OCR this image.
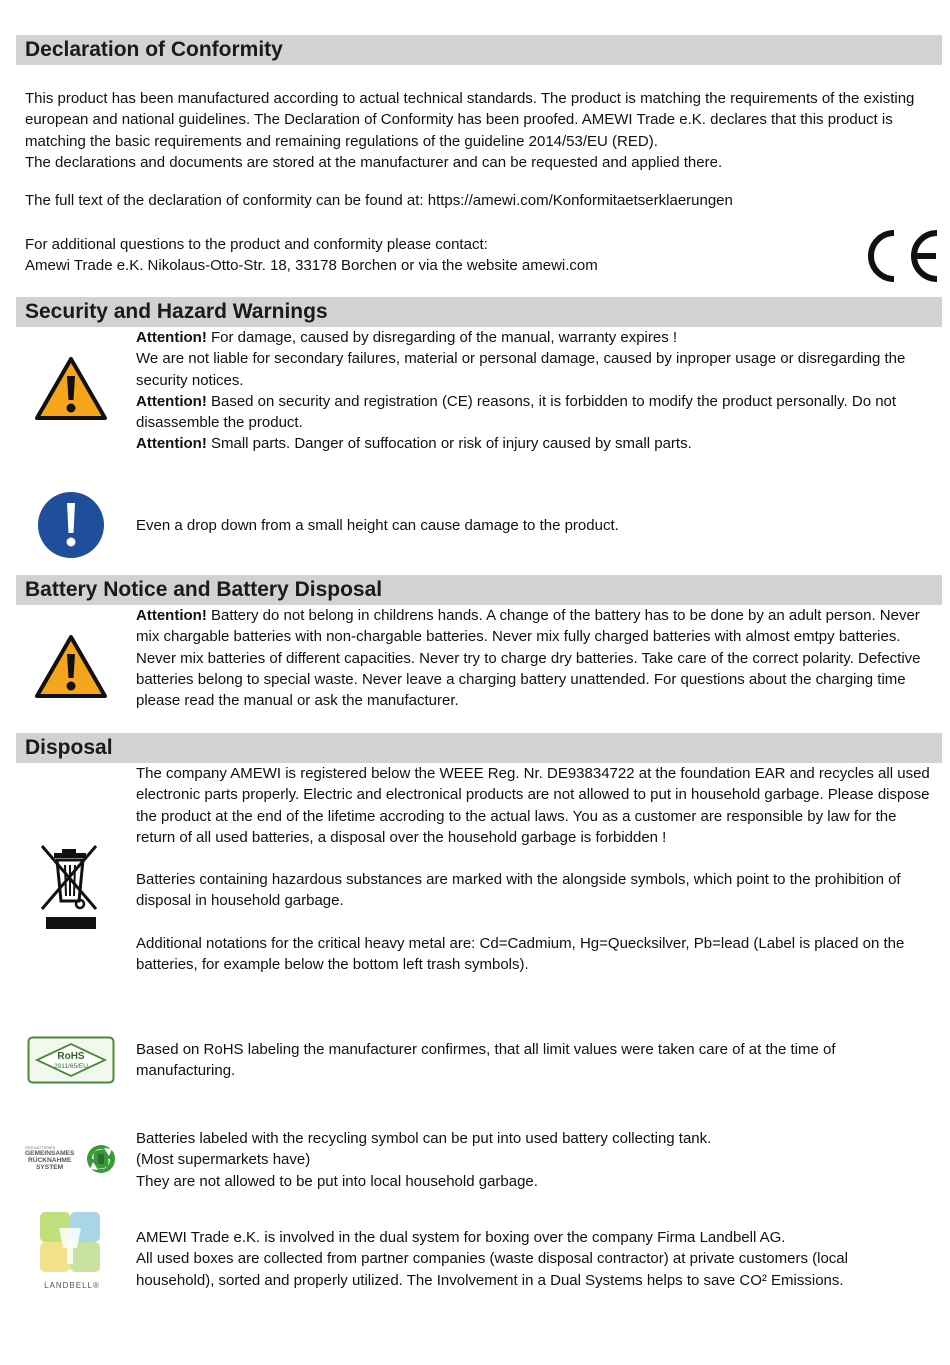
Declaration of Conformity

This product has been manufactured according to actual technical standards. The product is matching the requirements of the existing european and national guidelines. The Declaration of Conformity has been proofed. AMEWI Trade e.K. declares that this product is matching the basic requirements and remaining regulations of the guideline 2014/53/EU (RED).

The declarations and documents are stored at the manufacturer and can be requested and applied there.

The full text of the declaration of conformity can be found at: https://amewi.com/Konformitaetserklaerungen

For additional questions to the product and conformity please contact:

Amewi Trade e.K. Nikolaus-Otto-Str. 18, 33178 Borchen or via the website amewi.com

Security and Hazard Warnings

Attention! For damage, caused by disregarding of the manual, warranty expires !

We are not liable for secondary failures, material or personal damage, caused by inproper usage or disregarding the security notices.

Attention! Based on security and registration (CE) reasons, it is forbidden to modify the product personally. Do not disassemble the product.

Attention! Small parts. Danger of suffocation or risk of injury caused by small parts.

Even a drop down from a small height can cause damage to the product.
Battery Notice and Battery Disposal

Attention! Battery do not belong in childrens hands. A change of the battery has to be done by an adult person. Never mix chargable batteries with non-chargable batteries. Never mix fully charged batteries with almost emtpy batteries. Never mix batteries of different capacities. Never try to charge dry batteries. Take care of the correct polarity. Defective batteries belong to special waste. Never leave a charging battery unattended. For questions about the charging time please read the manual or ask the manufacturer.

Disposal

The company AMEWI is registered below the WEEE Reg. Nr. DE93834722 at the foundation EAR and recycles all used electronic parts properly. Electric and electronical products are not allowed to put in household garbage. Please dispose the product at the end of the lifetime accroding to the actual laws. You as a customer are responsible by law for the return of all used batteries, a disposal over the household garbage is forbidden !

Batteries containing hazardous substances are marked with the alongside symbols, which point to the prohibition of disposal in household garbage.

Additional notations for the critical heavy metal are: Cd=Cadmium, Hg=Quecksilver, Pb=lead (Label is placed on the batteries, for example below the bottom left trash symbols).

RoHS
2011/65/EU
Based on RoHS labeling the manufacturer confirmes, that all limit values were taken care of at the time of manufacturing.
GRS BATTERIEN
GEMEINSAMES
RÜCKNAHME
SYSTEM

Batteries labeled with the recycling symbol can be put into used battery collecting tank.

(Most supermarkets have)

They are not allowed to be put into local household garbage.

LANDBELL®

AMEWI Trade e.K. is involved in the dual system for boxing over the company Firma Landbell AG.

All used boxes are collected from partner companies (waste disposal contractor) at private customers (local household), sorted and properly utilized. The Involvement in a Dual Systems helps to save CO² Emissions.
